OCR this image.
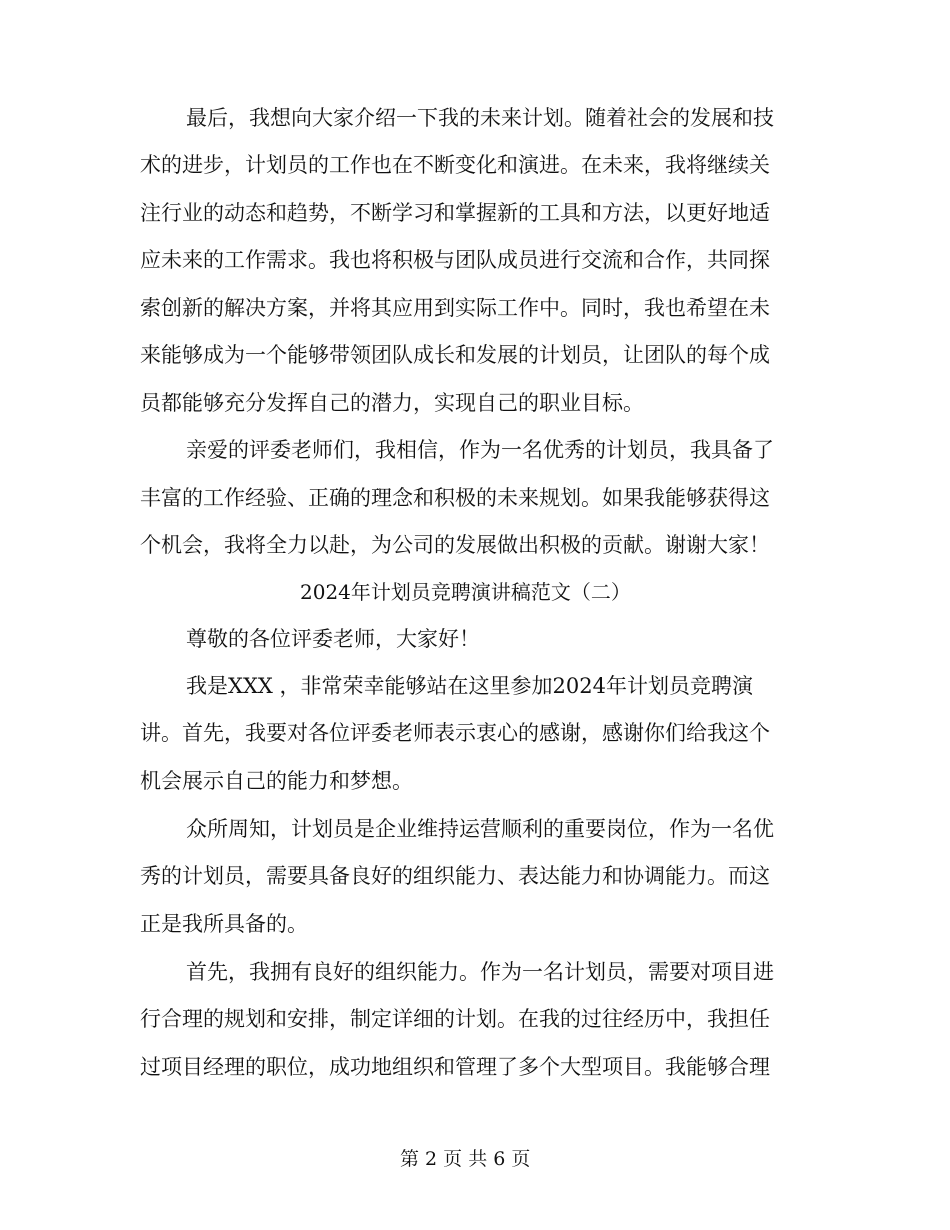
最后，我想向大家介绍一下我的未来计划。随着社会的发展和技
术的进步，计划员的工作也在不断变化和演进。在未来，我将继续关
注行业的动态和趋势，不断学习和掌握新的工具和方法，以更好地适
应未来的工作需求。我也将积极与团队成员进行交流和合作，共同探
索创新的解决方案，并将其应用到实际工作中。同时，我也希望在未
来能够成为一个能够带领团队成长和发展的计划员，让团队的每个成
员都能够充分发挥自己的潜力，实现自己的职业目标。
亲爱的评委老师们，我相信，作为一名优秀的计划员，我具备了
丰富的工作经验、正确的理念和积极的未来规划。如果我能够获得这
个机会，我将全力以赴，为公司的发展做出积极的贡献。谢谢大家！
2024年计划员竞聘演讲稿范文（二）
尊敬的各位评委老师，大家好！
我是XXX ，非常荣幸能够站在这里参加2024年计划员竞聘演
讲。首先，我要对各位评委老师表示衷心的感谢，感谢你们给我这个
机会展示自己的能力和梦想。
众所周知，计划员是企业维持运营顺利的重要岗位，作为一名优
秀的计划员，需要具备良好的组织能力、表达能力和协调能力。而这
正是我所具备的。
首先，我拥有良好的组织能力。作为一名计划员，需要对项目进
行合理的规划和安排，制定详细的计划。在我的过往经历中，我担任
过项目经理的职位，成功地组织和管理了多个大型项目。我能够合理
第 2 页 共 6 页
